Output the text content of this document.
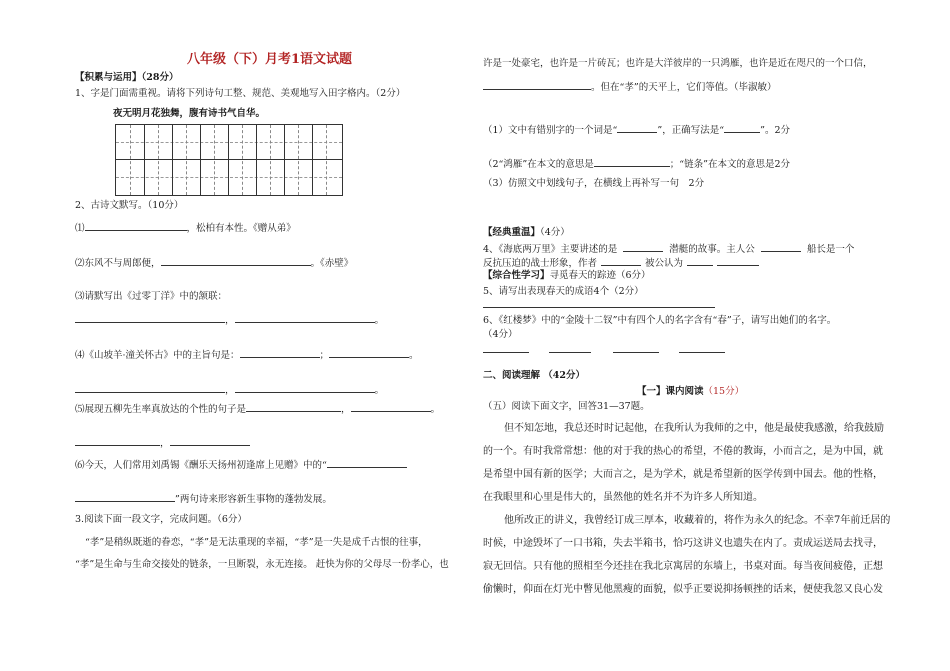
八年级（下）月考1语文试题
【积累与运用】（28分）
1、字是门面需重视。请将下列诗句工整、规范、美观地写入田字格内。（2分）
夜无明月花独舞，腹有诗书气自华。
2、古诗文默写。（10分）
⑴	，松柏有本性。《赠从弟》
⑵东风不与周郎便，	。《赤壁》
⑶请默写出《过零丁洋》中的颔联：
，	。
⑷《山坡羊·潼关怀古》中的主旨句是：	；	。
，	。
⑸展现五柳先生率真放达的个性的句子是	，	。
，
⑹今天，人们常用刘禹锡《酬乐天扬州初逢席上见赠》中的“
”两句诗来形容新生事物的蓬勃发展。
3.阅读下面一段文字，完成问题。（6分）
“孝”是稍纵既逝的眷恋，“孝”是无法重现的幸福，“孝”是一失是成千古恨的往事，
“孝”是生命与生命交接处的链条，一旦断裂，永无连接。 赶快为你的父母尽一份孝心，也
许是一处豪宅，也许是一片砖瓦；也许是大洋彼岸的一只鸿雁，也许是近在咫尺的一个口信，
。但在“孝”的天平上，它们等值。（毕淑敏）
（1）文中有错别字的一个词是“	”，正确写法是“	”。2分
（2“鸿雁”在本文的意思是	；“链条”在本文的意思是2分
（3）仿照文中划线句子，在横线上再补写一句　2分
【经典重温】（4分）
4、《海底两万里》主要讲述的是	潜艇的故事。主人公	船长是一个
反抗压迫的战士形象，作者	被公认为
【综合性学习】寻觅春天的踪迹（6分）
5、请写出表现春天的成语4个（2分）
6、《红楼梦》中的“金陵十二钗”中有四个人的名字含有“春”子，请写出她们的名字。
（4分）
二、阅读理解 （42分）
【一】课内阅读（15分）
（五）阅读下面文字，回答31—37题。
但不知怎地，我总还时时记起他，在我所认为我师的之中，他是最使我感激，给我鼓励
的一个。有时我常常想：他的对于我的热心的希望，不倦的教诲，小而言之，是为中国，就
是希望中国有新的医学；大而言之，是为学术，就是希望新的医学传到中国去。他的性格，
在我眼里和心里是伟大的，虽然他的姓名并不为许多人所知道。
他所改正的讲义，我曾经订成三厚本，收藏着的，将作为永久的纪念。不幸7年前迁居的
时候，中途毁坏了一口书箱，失去半箱书，恰巧这讲义也遗失在内了。责成运送局去找寻，
寂无回信。只有他的照相至今还挂在我北京寓居的东墙上，书桌对面。每当夜间疲倦，正想
偷懒时，仰面在灯光中瞥见他黑瘦的面貌，似乎正要说抑扬顿挫的话来，便使我忽又良心发
